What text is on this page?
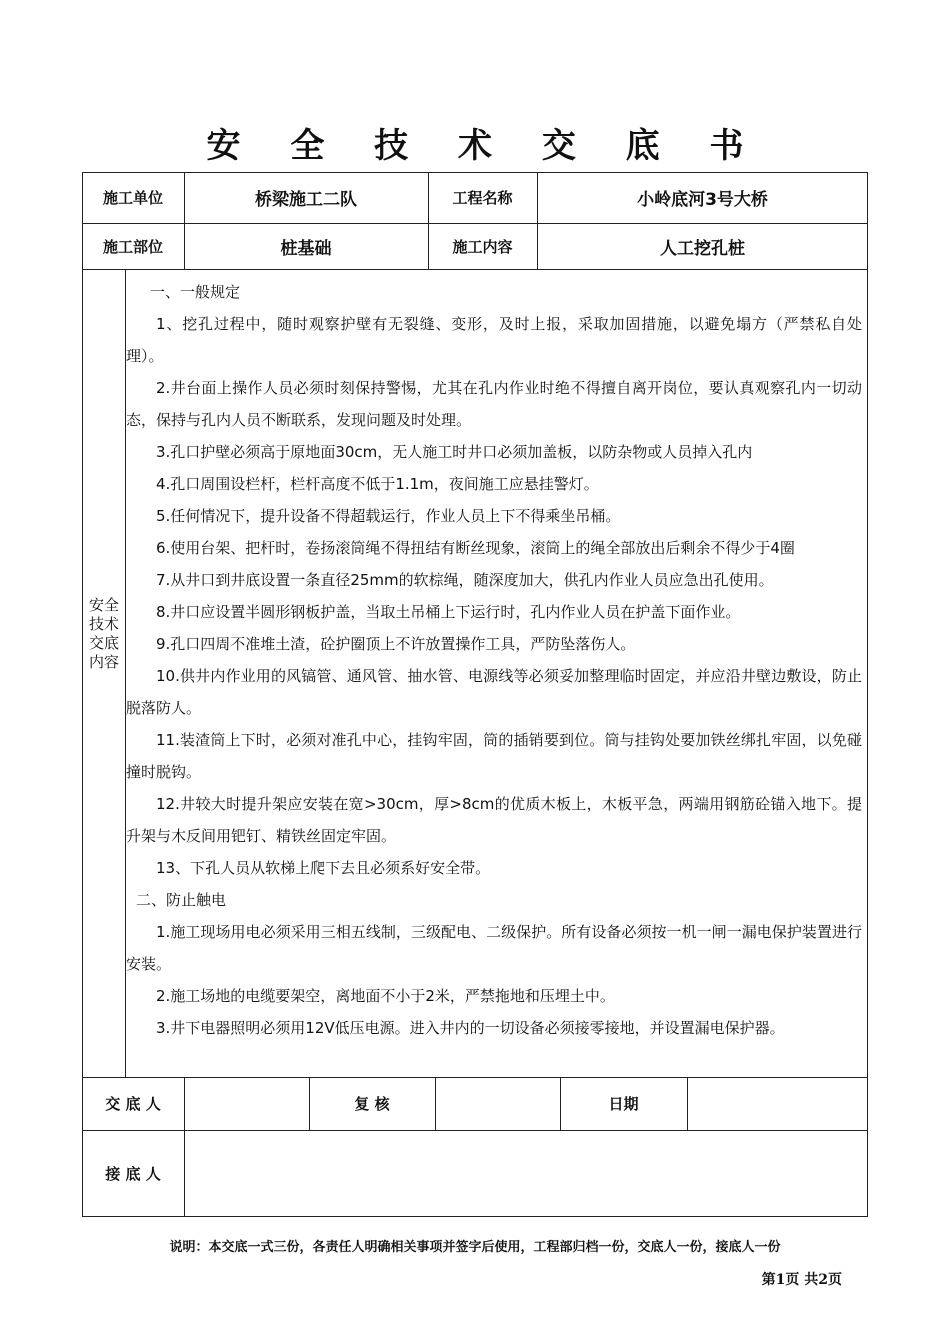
安 全 技 术 交 底 书
施工单位	桥梁施工二队	工程名称	小岭底河3号大桥
施工部位	桩基础	施工内容	人工挖孔桩
安全技术交底内容

一、一般规定

1、挖孔过程中，随时观察护壁有无裂缝、变形，及时上报，采取加固措施，以避免塌方（严禁私自处理）。

2.井台面上操作人员必须时刻保持警惕，尤其在孔内作业时绝不得擅自离开岗位，要认真观察孔内一切动态，保持与孔内人员不断联系，发现问题及时处理。

3.孔口护壁必须高于原地面30cm，无人施工时井口必须加盖板，以防杂物或人员掉入孔内

4.孔口周围设栏杆，栏杆高度不低于1.1m，夜间施工应悬挂警灯。

5.任何情况下，提升设备不得超载运行，作业人员上下不得乘坐吊桶。

6.使用台架、把杆时，卷扬滚筒绳不得扭结有断丝现象，滚筒上的绳全部放出后剩余不得少于4圈

7.从井口到井底设置一条直径25mm的软棕绳，随深度加大，供孔内作业人员应急出孔使用。

8.井口应设置半圆形钢板护盖，当取土吊桶上下运行时，孔内作业人员在护盖下面作业。

9.孔口四周不准堆土渣，砼护圈顶上不许放置操作工具，严防坠落伤人。

10.供井内作业用的风镐管、通风管、抽水管、电源线等必须妥加整理临时固定，并应沿井壁边敷设，防止脱落防人。

11.装渣筒上下时，必须对准孔中心，挂钩牢固，筒的插销要到位。筒与挂钩处要加铁丝绑扎牢固，以免碰撞时脱钩。

12.井较大时提升架应安装在宽>30cm，厚>8cm的优质木板上，木板平急，两端用钢筋砼锚入地下。提升架与木反间用钯钉、精铁丝固定牢固。

13、下孔人员从软梯上爬下去且必须系好安全带。

二、防止触电

1.施工现场用电必须采用三相五线制，三级配电、二级保护。所有设备必须按一机一闸一漏电保护装置进行安装。

2.施工场地的电缆要架空，离地面不小于2米，严禁拖地和压埋土中。

3.井下电器照明必须用12V低压电源。进入井内的一切设备必须接零接地，并设置漏电保护器。

交 底 人	复 核	日期
接 底 人
说明：本交底一式三份，各责任人明确相关事项并签字后使用，工程部归档一份，交底人一份，接底人一份
第1页 共2页
